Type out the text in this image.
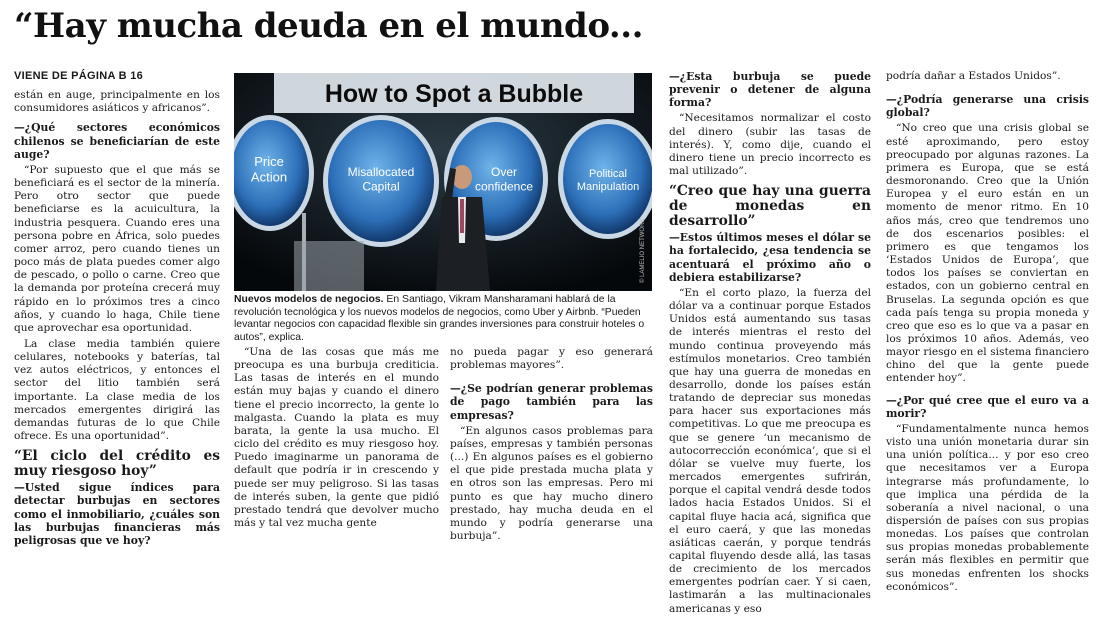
“Hay mucha deuda en el mundo...
VIENE DE PÁGINA B 16

están en auge, principalmente en los consumidores asiáticos y africanos”.

—¿Qué sectores económicos chilenos se beneficiarían de este auge?

“Por supuesto que el que más se beneficiará es el sector de la minería. Pero otro sector que puede beneficiarse es la acuicultura, la industria pesquera. Cuando eres una persona pobre en África, solo puedes comer arroz, pero cuando tienes un poco más de plata puedes comer algo de pescado, o pollo o carne. Creo que la demanda por proteína crecerá muy rápido en lo próximos tres a cinco años, y cuando lo haga, Chile tiene que aprovechar esa oportunidad.

La clase media también quiere celulares, notebooks y baterías, tal vez autos eléctricos, y entonces el sector del litio también será importante. La clase media de los mercados emergentes dirigirá las demandas futuras de lo que Chile ofrece. Es una oportunidad”.

“El ciclo del crédito es muy riesgoso hoy”
—Usted sigue índices para detectar burbujas en sectores como el inmobiliario, ¿cuáles son las burbujas financieras más peligrosas que ve hoy?
How to Spot a Bubble
Price Action	Misallocated Capital
Over confidence
Political Manipulation
© LAMELIO NETWORK
Nuevos modelos de negocios. En Santiago, Vikram Mansharamani hablará de la revolución tecnológica y los nuevos modelos de negocios, como Uber y Airbnb. “Pueden levantar negocios con capacidad flexible sin grandes inversiones para construir hoteles o autos”, explica.

“Una de las cosas que más me preocupa es una burbuja crediticia. Las tasas de interés en el mundo están muy bajas y cuando el dinero tiene el precio incorrecto, la gente lo malgasta. Cuando la plata es muy barata, la gente la usa mucho. El ciclo del crédito es muy riesgoso hoy. Puedo imaginarme un panorama de default que podría ir in crescendo y puede ser muy peligroso. Si las tasas de interés suben, la gente que pidió prestado tendrá que devolver mucho más y tal vez mucha gente

no pueda pagar y eso generará problemas mayores”.

—¿Se podrían generar problemas de pago también para las empresas?

“En algunos casos problemas para países, empresas y también personas (...) En algunos países es el gobierno el que pide prestada mucha plata y en otros son las empresas. Pero mi punto es que hay mucho dinero prestado, hay mucha deuda en el mundo y podría generarse una burbuja”.

—¿Esta burbuja se puede prevenir o detener de alguna forma?

“Necesitamos normalizar el costo del dinero (subir las tasas de interés). Y, como dije, cuando el dinero tiene un precio incorrecto es mal utilizado”.

“Creo que hay una guerra de monedas en desarrollo”
—Estos últimos meses el dólar se ha fortalecido, ¿esa tendencia se acentuará el próximo año o debiera estabilizarse?

“En el corto plazo, la fuerza del dólar va a continuar porque Estados Unidos está aumentando sus tasas de interés mientras el resto del mundo continua proveyendo más estímulos monetarios. Creo también que hay una guerra de monedas en desarrollo, donde los países están tratando de depreciar sus monedas para hacer sus exportaciones más competitivas. Lo que me preocupa es que se genere ‘un mecanismo de autocorrección económica’, que si el dólar se vuelve muy fuerte, los mercados emergentes sufrirán, porque el capital vendrá desde todos lados hacia Estados Unidos. Si el capital fluye hacia acá, significa que el euro caerá, y que las monedas asiáticas caerán, y porque tendrás capital fluyendo desde allá, las tasas de crecimiento de los mercados emergentes podrían caer. Y si caen, lastimarán a las multinacionales americanas y eso

podría dañar a Estados Unidos”.

—¿Podría generarse una crisis global?

“No creo que una crisis global se esté aproximando, pero estoy preocupado por algunas razones. La primera es Europa, que se está desmoronando. Creo que la Unión Europea y el euro están en un momento de menor ritmo. En 10 años más, creo que tendremos uno de dos escenarios posibles: el primero es que tengamos los ‘Estados Unidos de Europa’, que todos los países se conviertan en estados, con un gobierno central en Bruselas. La segunda opción es que cada país tenga su propia moneda y creo que eso es lo que va a pasar en los próximos 10 años. Además, veo mayor riesgo en el sistema financiero chino del que la gente puede entender hoy”.

—¿Por qué cree que el euro va a morir?

“Fundamentalmente nunca hemos visto una unión monetaria durar sin una unión política... y por eso creo que necesitamos ver a Europa integrarse más profundamente, lo que implica una pérdida de la soberanía a nivel nacional, o una dispersión de países con sus propias monedas. Los países que controlan sus propias monedas probablemente serán más flexibles en permitir que sus monedas enfrenten los shocks económicos”.
